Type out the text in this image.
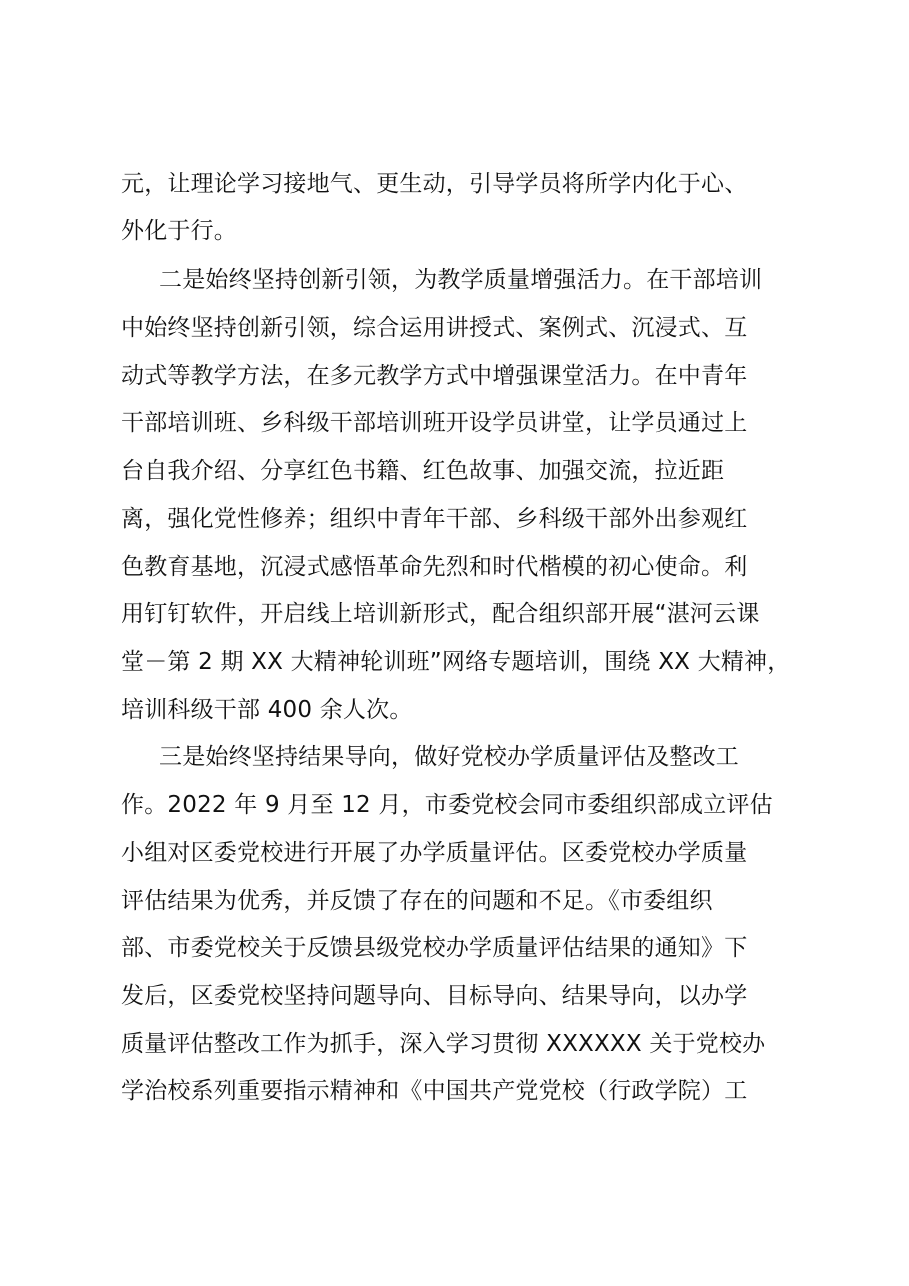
元，让理论学习接地气、更生动，引导学员将所学内化于心、
外化于行。
二是始终坚持创新引领，为教学质量增强活力。在干部培训
中始终坚持创新引领，综合运用讲授式、案例式、沉浸式、互
动式等教学方法，在多元教学方式中增强课堂活力。在中青年
干部培训班、乡科级干部培训班开设学员讲堂，让学员通过上
台自我介绍、分享红色书籍、红色故事、加强交流，拉近距
离，强化党性修养；组织中青年干部、乡科级干部外出参观红
色教育基地，沉浸式感悟革命先烈和时代楷模的初心使命。利
用钉钉软件，开启线上培训新形式，配合组织部开展“湛河云课
堂－第 2 期 XX 大精神轮训班”网络专题培训，围绕 XX 大精神，
培训科级干部 400 余人次。
三是始终坚持结果导向，做好党校办学质量评估及整改工
作。2022 年 9 月至 12 月，市委党校会同市委组织部成立评估
小组对区委党校进行开展了办学质量评估。区委党校办学质量
评估结果为优秀，并反馈了存在的问题和不足。《市委组织
部、市委党校关于反馈县级党校办学质量评估结果的通知》下
发后，区委党校坚持问题导向、目标导向、结果导向，以办学
质量评估整改工作为抓手，深入学习贯彻 XXXXXX 关于党校办
学治校系列重要指示精神和《中国共产党党校（行政学院）工
